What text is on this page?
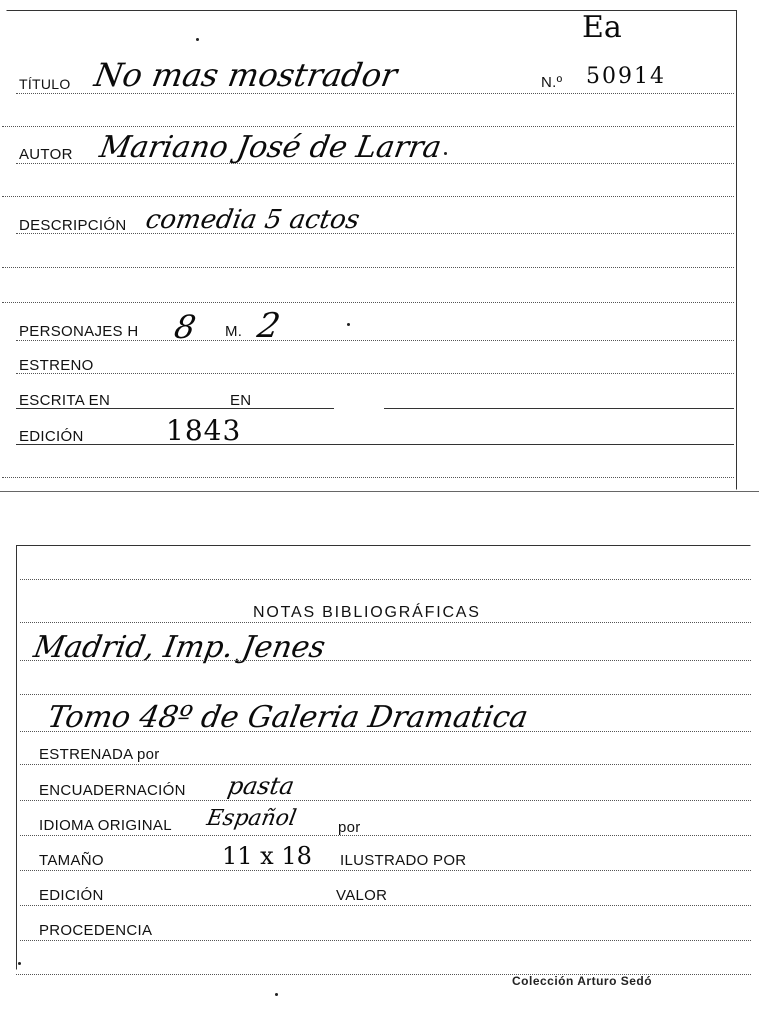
Ea
TÍTULO No mas mostrador	N.º 50914
AUTOR Mariano José de Larra
DESCRIPCIÓN comedia 5 actos
PERSONAJES H 8 M. 2
ESTRENO
ESCRITA EN	EN
EDICIÓN	1843
NOTAS BIBLIOGRÁFICAS
Madrid, Imp. Jenes
Tomo 48º de Galeria Dramatica
ESTRENADA por
ENCUADERNACIÓN pasta
IDIOMA ORIGINAL Español	por
TAMAÑO	11 x 18 ILUSTRADO POR
EDICIÓN	VALOR
PROCEDENCIA
Colección Arturo Sedó
